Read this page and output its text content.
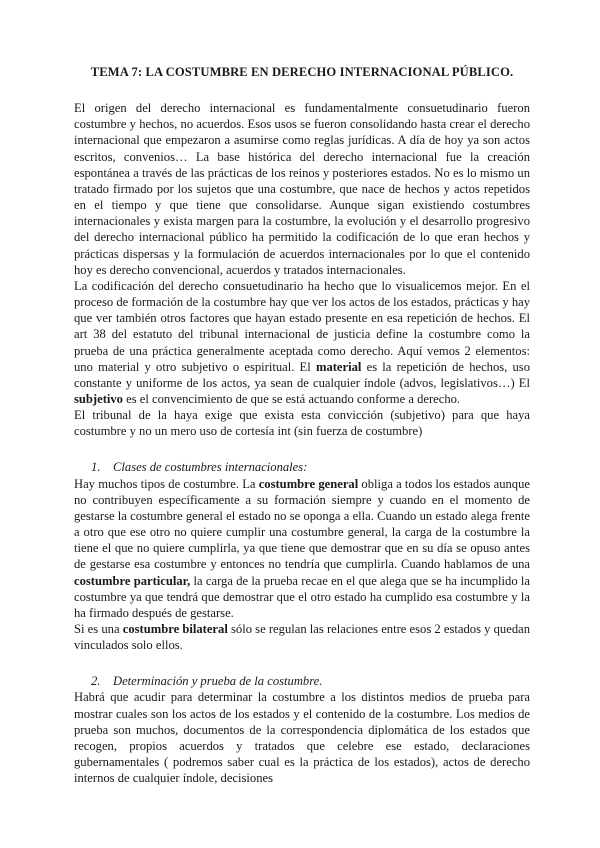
TEMA 7: LA COSTUMBRE EN DERECHO INTERNACIONAL PÚBLICO.

El origen del derecho internacional es fundamentalmente consuetudinario fueron costumbre y hechos, no acuerdos. Esos usos se fueron consolidando hasta crear el derecho internacional que empezaron a asumirse como reglas jurídicas. A día de hoy ya son actos escritos, convenios… La base histórica del derecho internacional fue la creación espontánea a través de las prácticas de los reinos y posteriores estados. No es lo mismo un tratado firmado por los sujetos que una costumbre, que nace de hechos y actos repetidos en el tiempo y que tiene que consolidarse. Aunque sigan existiendo costumbres internacionales y exista margen para la costumbre, la evolución y el desarrollo progresivo del derecho internacional público ha permitido la codificación de lo que eran hechos y prácticas dispersas y la formulación de acuerdos internacionales por lo que el contenido hoy es derecho convencional, acuerdos y tratados internacionales.

La codificación del derecho consuetudinario ha hecho que lo visualicemos mejor. En el proceso de formación de la costumbre hay que ver los actos de los estados, prácticas y hay que ver también otros factores que hayan estado presente en esa repetición de hechos. El art 38 del estatuto del tribunal internacional de justicia define la costumbre como la prueba de una práctica generalmente aceptada como derecho. Aquí vemos 2 elementos: uno material y otro subjetivo o espiritual. El material es la repetición de hechos, uso constante y uniforme de los actos, ya sean de cualquier índole (advos, legislativos…) El subjetivo es el convencimiento de que se está actuando conforme a derecho.

El tribunal de la haya exige que exista esta convicción (subjetivo) para que haya costumbre y no un mero uso de cortesía int (sin fuerza de costumbre)

1. Clases de costumbres internacionales:

Hay muchos tipos de costumbre. La costumbre general obliga a todos los estados aunque no contribuyen específicamente a su formación siempre y cuando en el momento de gestarse la costumbre general el estado no se oponga a ella. Cuando un estado alega frente a otro que ese otro no quiere cumplir una costumbre general, la carga de la costumbre la tiene el que no quiere cumplirla, ya que tiene que demostrar que en su día se opuso antes de gestarse esa costumbre y entonces no tendría que cumplirla. Cuando hablamos de una costumbre particular, la carga de la prueba recae en el que alega que se ha incumplido la costumbre ya que tendrá que demostrar que el otro estado ha cumplido esa costumbre y la ha firmado después de gestarse.

Si es una costumbre bilateral sólo se regulan las relaciones entre esos 2 estados y quedan vinculados solo ellos.

2. Determinación y prueba de la costumbre.

Habrá que acudir para determinar la costumbre a los distintos medios de prueba para mostrar cuales son los actos de los estados y el contenido de la costumbre. Los medios de prueba son muchos, documentos de la correspondencia diplomática de los estados que recogen, propios acuerdos y tratados que celebre ese estado, declaraciones gubernamentales ( podremos saber cual es la práctica de los estados), actos de derecho internos de cualquier índole, decisiones
